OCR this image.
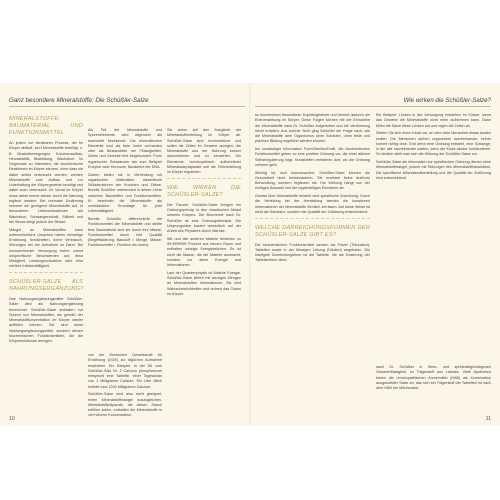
Ganz besondere Mineralstoffe: Die Schüßler-Salze
MINERALSTOFFE: BAUMATERIAL UND FUNKTIONSMITTEL

An jedem nur denkbaren Prozess, der im Körper abläuft, sind Mineralstoffe beteiligt, z. B. Muskelbewegungen, Knochenaufbau, Herzaktivität, Blutbildung, Wachstum. Im Gegensatz zu Vitaminen, die biochemische Reaktionen im Körper steuern, ohne dass sie dabei selbst verbraucht werden, werden Mineralstoffe zum Aufbau und zur Unterhaltung der Körpergewebe benötigt und dabei auch verbraucht. Ihr Vorrat im Körper muss daher immer wieder durch die Nahrung ergänzt werden. Bei normaler Ernährung nehmen wir genügend Mineralstoffe auf. In besonderen Lebenssituationen wie Wachstum, Schwangerschaft, Stillzeit und bei Stress steigt jedoch der Bedarf.

Mangel an Mineralstoffen kann unterschiedliche Ursachen haben: einseitige Ernährung, Krankheiten, hoher Verbrauch, Störungen bei der Aufnahme im Darm. Bei unzureichender Versorgung treten zuerst unspezifische Beschwerden auf, etwa Müdigkeit, Leistungsschwäche oder eine erhöhte Infektanfälligkeit.

SCHÜßLER-SALZE ALS NAHRUNGSERGÄNZUNG?

Das Nahrungsergänzungsmittel Schüßler-Salze wird als Nahrungsergänzung bezeichnet. Schüßler-Salze enthalten nur Spuren von Mineralstoffen, die gemäß der Mineralstoffkonzentration im Körper wieder auffüllen können. Sie sind keine Nahrungsergänzungsmittel, sondern dienen biochemischen Funktionsmitteln, die die Körperfunktionen anregen.

Als Teil der Mineralstoffe und Spurenelemente wird allgemein als essenziell bezeichnet. Die mineralischen Elemente sind als freie Ionen vorhanden oder als Bestandteile der Flüssigkeiten, Zellen und Gewebe fest eingebunden. Form organischer Substanzen wie zum Beispiel Enzyme oder Hormone, Bausteine der DNA.

Zudem bilden sie in Verbindung mit organischen Materialien wesentliche Stützstrukturen wie Knochen und Zähne. Bereits Schüßler unterschied in seiner Lehre zwischen Baustoffen und Funktionsmitteln. Er beschrieb die Mineralstoffe als unerlässliche Grundlage für jede Lebenstätigkeit.

Bereits Schüßler differenzierte die Funktionsmittel der Mineralstoffe und stellte fest: Baumaterial sind sie durch ihre Masse, Funktionsmittel durch ihre Qualität (Begriffsklärung: Baustoff = Menge, Masse; Funktionsmittel = Funktion als Ionen).

von der Deutschen Gesellschaft für Ernährung (DGE) zur täglichen Aufnahme empfohlen. Ein Beispiel: In der D6 vom Schüßler-Salz Nr. 2 Calcium phosphoricum entspricht eine Tablette, einer Tagesdosis von 1 Milligramm Calcium. Ein Liter Milch enthält rund 1200 Milligramm Calcium.

Schüßler-Salze sind also nicht geeignet, einen Mineralstoffmangel auszugleichen. Mineralstoffpräparate, die diesen Zweck erfüllen sollen, enthalten die Mineralstoffe in viel höherer Konzentration.

Sie zielen auf den Ausgleich der Mineralstoffverteilung im Körper ab. Schüßler-Salze sind hochverdünnt und sollen die Zellen im Gewebe anregen, die Mineralstoffe aus der Nahrung besser aufzunehmen und zu verwerten. Die Einnahme homöopathisch aufbereiteter Mineralsalzpräparate soll die Fehlverteilung im Körper regulieren.

WIE WIRKEN DIE SCHÜßLER-SALZE?

Die Theorie: Schüßler-Salze bringen ein Ordnungsprinzip in den chaotischen Ablauf unseres Körpers. Die Biochemie nach Dr. Schüßler ist eine Ordnungstherapie. Die Ursprungsidee basiert wesentlich auf der Arbeit des Physikers Ulrich Warnke.

Wir und alle anderen Materie bestehen zu 99,9999999 Prozent aus leerem Raum und enthalten winzige Energieteilchen. Es ist nicht die Masse, die die Materie ausmacht, sondern vor allem Energie und Informationen.

Laut der Quantenphysik ist Materie Energie. Schüßler-Salze liefern mit winzigen Mengen an Mineralstoffen Informationen. Sie sind Wahrscheinlichkeiten und ordnen das Chaos im Körper.

10
Wie wirken die Schüßler-Salze?

so biochemisch besonderen Kopfsteigfreiheit und hemmt dadurch die Ebenenwirkung im Körper. Diese Folgen können mit der Einnahme der Mineralstoffe nach Dr. Schüßler aufgehoben und die Verdünnung reicht erhalten. Aus solcher Sicht ging Schüßler der Frage nach, wie die Mineralstoffe dem Organismus ohne Schäden, ohne feste und präzisen Bildung zugeführt werden können.

bei zuständiger Information Form/Struktur/Kraft, die biochemischen Funktionsmittel geben so eine positive Ordnung vor, die einer aktiven Selbstregulierung folgt. Krankheiten entstehen dort, wo die Ordnung verloren geht.

Wichtig ist, sich klarzumachen: Schüßler-Salze können die Gesundheit nicht herbeizaubern. Sie ersetzen keine ärztliche Behandlung, sondern ergänzen sie. Die Wirkung hängt von der richtigen Auswahl und der regelmäßigen Einnahme ab.

Gewiss über Mineralstoffe besteht eine spezifische Zuordnung. Durch die Verteilung bei der Herstellung werden die komplexen Informationen der Mineralstoffe förmlich zerrissen. Auf diese Weise ist nicht die Substanz, sondern die Qualität der Zuführung entscheidend.

WELCHE DARREICHUNGSFORMEN DER SCHÜßLER-SALZE GIBT ES?

Die biochemischen Funktionsmittel werden als Pulver (Trituration), Tabletten sowie in der flüssigen Lösung (Dilution) angeboten. Die häufigste Darreichungsform ist die Tablette, die als Dosierung der Tablettenform dient.

Ein Beispiel: Lücken in der Versorgung entstehen im Körper, wenn das Gewebe die Mineralstoffe nicht mehr aufnehmen kann. Dann füllen die Salze diese Lücken auf und regen die Zellen an.

Stellen Sie sich einen Kiosk vor, an dem viele Menschen etwas kaufen wollen. Die Menschen stehen ungeordnet durcheinander, keiner kommt richtig dran. Erst wenn eine Ordnung entsteht, eine Schlange, in der alle nacheinander warten, kann der Kiosk wieder funktionieren. So ähnlich stellt man sich die Wirkung der Schüßler-Salze vor.

Schüßler-Salze als Information zur spezifischen Ordnung dienen ohne Mineralstoffmangel, jedoch mit Störungen des Mineralstoffhaushaltes. Die spezifische Mineralstoffverteilung und die Qualität der Zuführung sind entscheidend.

nach Dr. Schüßler in Streu- und spritzhaltig/kollagenen Gewebeflüssigkeit, im Trägerstoff aus Laktose. Viele Apotheken bieten die homöopathischen Arzneimittel (HAB) als Kombination ausgewählter Salze an, das sich bei Trägerstoff der Tabletten ist nach dem HAB der Milchzucker.

11
